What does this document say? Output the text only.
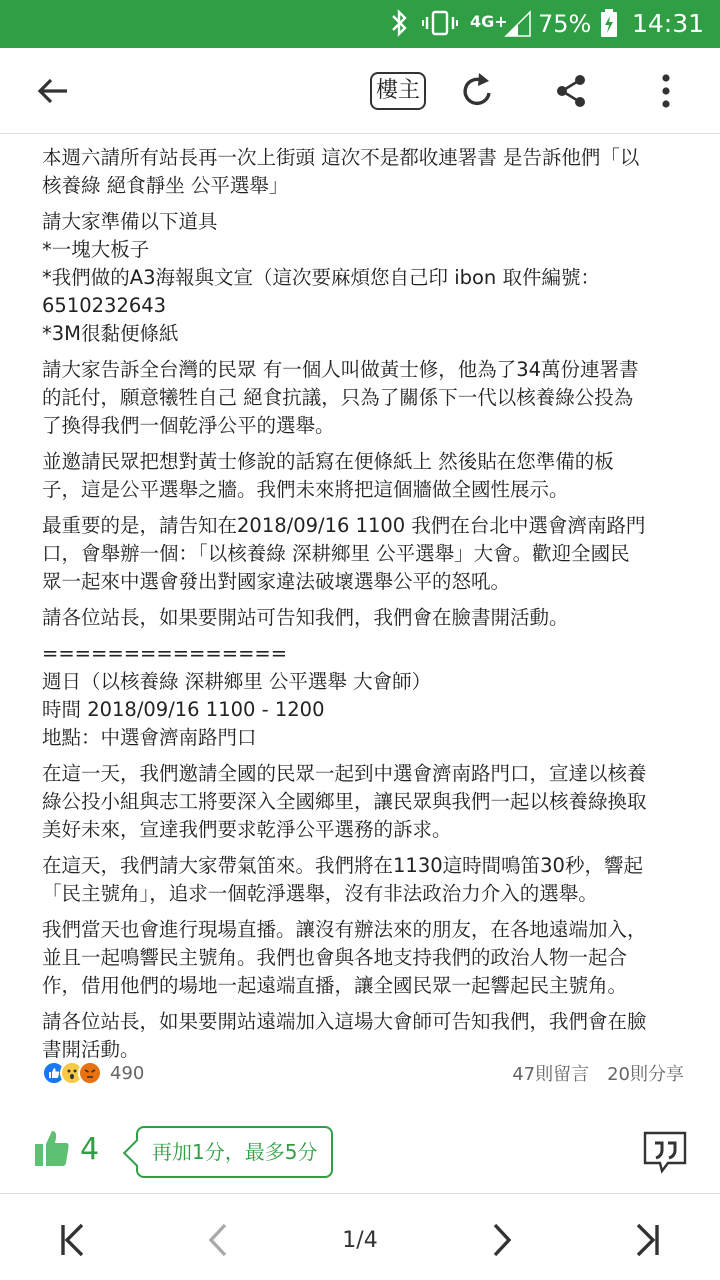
4G+ 75% 14:31
樓主

本週六請所有站長再一次上街頭 這次不是都收連署書 是告訴他們「以
核養綠 絕食靜坐 公平選舉」

請大家準備以下道具
*一塊大板子
*我們做的A3海報與文宣（這次要麻煩您自己印 ibon 取件編號：
6510232643
*3M很黏便條紙

請大家告訴全台灣的民眾 有一個人叫做黃士修，他為了34萬份連署書
的託付，願意犧牲自己 絕食抗議，只為了關係下一代以核養綠公投為
了換得我們一個乾淨公平的選舉。

並邀請民眾把想對黃士修說的話寫在便條紙上 然後貼在您準備的板
子，這是公平選舉之牆。我們未來將把這個牆做全國性展示。

最重要的是，請告知在2018/09/16 1100 我們在台北中選會濟南路門
口，會舉辦一個：「以核養綠 深耕鄉里 公平選舉」大會。歡迎全國民
眾一起來中選會發出對國家違法破壞選舉公平的怒吼。

請各位站長，如果要開站可告知我們，我們會在臉書開活動。

===============
週日（以核養綠 深耕鄉里 公平選舉 大會師）
時間 2018/09/16 1100 - 1200
地點：中選會濟南路門口

在這一天，我們邀請全國的民眾一起到中選會濟南路門口，宣達以核養
綠公投小組與志工將要深入全國鄉里，讓民眾與我們一起以核養綠換取
美好未來，宣達我們要求乾淨公平選務的訴求。

在這天，我們請大家帶氣笛來。我們將在1130這時間鳴笛30秒，響起
「民主號角」，追求一個乾淨選舉，沒有非法政治力介入的選舉。

我們當天也會進行現場直播。讓沒有辦法來的朋友，在各地遠端加入，
並且一起鳴響民主號角。我們也會與各地支持我們的政治人物一起合
作，借用他們的場地一起遠端直播，讓全國民眾一起響起民主號角。

請各位站長，如果要開站遠端加入這場大會師可告知我們，我們會在臉
書開活動。

490	47則留言 20則分享
4	再加1分，最多5分
1/4
